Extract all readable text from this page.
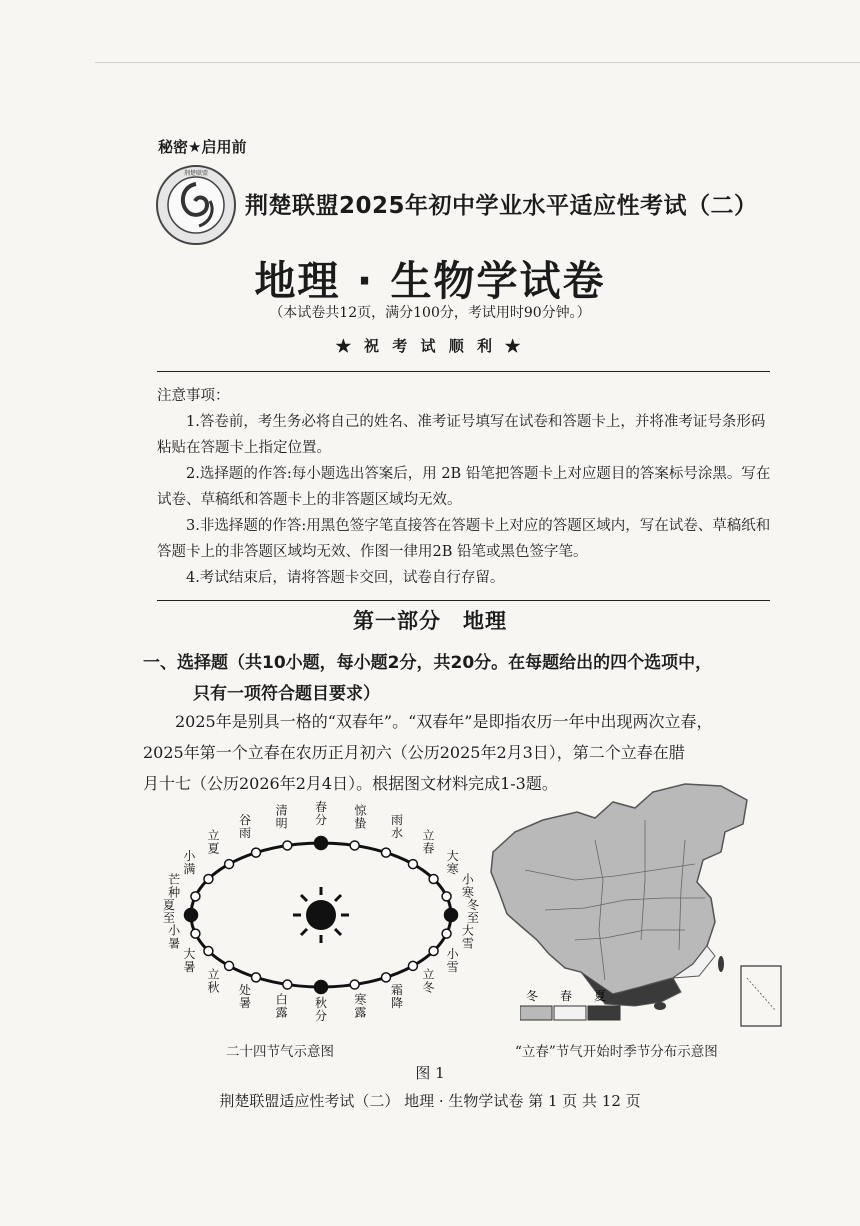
秘密★启用前
荆楚联盟
荆楚联盟2025年初中学业水平适应性考试（二）
地理 · 生物学试卷
（本试卷共12页，满分100分，考试用时90分钟。）
★ 祝 考 试 顺 利 ★
注意事项：

1.答卷前，考生务必将自己的姓名、准考证号填写在试卷和答题卡上，并将准考证号条形码粘贴在答题卡上指定位置。

2.选择题的作答:每小题选出答案后，用 2B 铅笔把答题卡上对应题目的答案标号涂黑。写在试卷、草稿纸和答题卡上的非答题区域均无效。

3.非选择题的作答:用黑色签字笔直接答在答题卡上对应的答题区域内，写在试卷、草稿纸和答题卡上的非答题区域均无效、作图一律用2B 铅笔或黑色签字笔。

4.考试结束后，请将答题卡交回，试卷自行存留。

第一部分　地理
一、选择题（共10小题，每小题2分，共20分。在每题给出的四个选项中，
只有一项符合题目要求）
2025年是别具一格的“双春年”。“双春年”是即指农历一年中出现两次立春，
2025年第一个立春在农历正月初六（公历2025年2月3日），第二个立春在腊
月十七（公历2026年2月4日）。根据图文材料完成1-3题。
春分
清明
谷雨
立夏
小满
芒种
夏至
小暑
大暑
立秋 处暑 白露
秋分
寒露
霜降
立冬
小雪
大雪
冬至
小寒
大寒
立春
雨水
惊蛰
冬 春 夏
二十四节气示意图	“立春”节气开始时季节分布示意图
图 1
荆楚联盟适应性考试（二） 地理 · 生物学试卷 第 1 页 共 12 页
